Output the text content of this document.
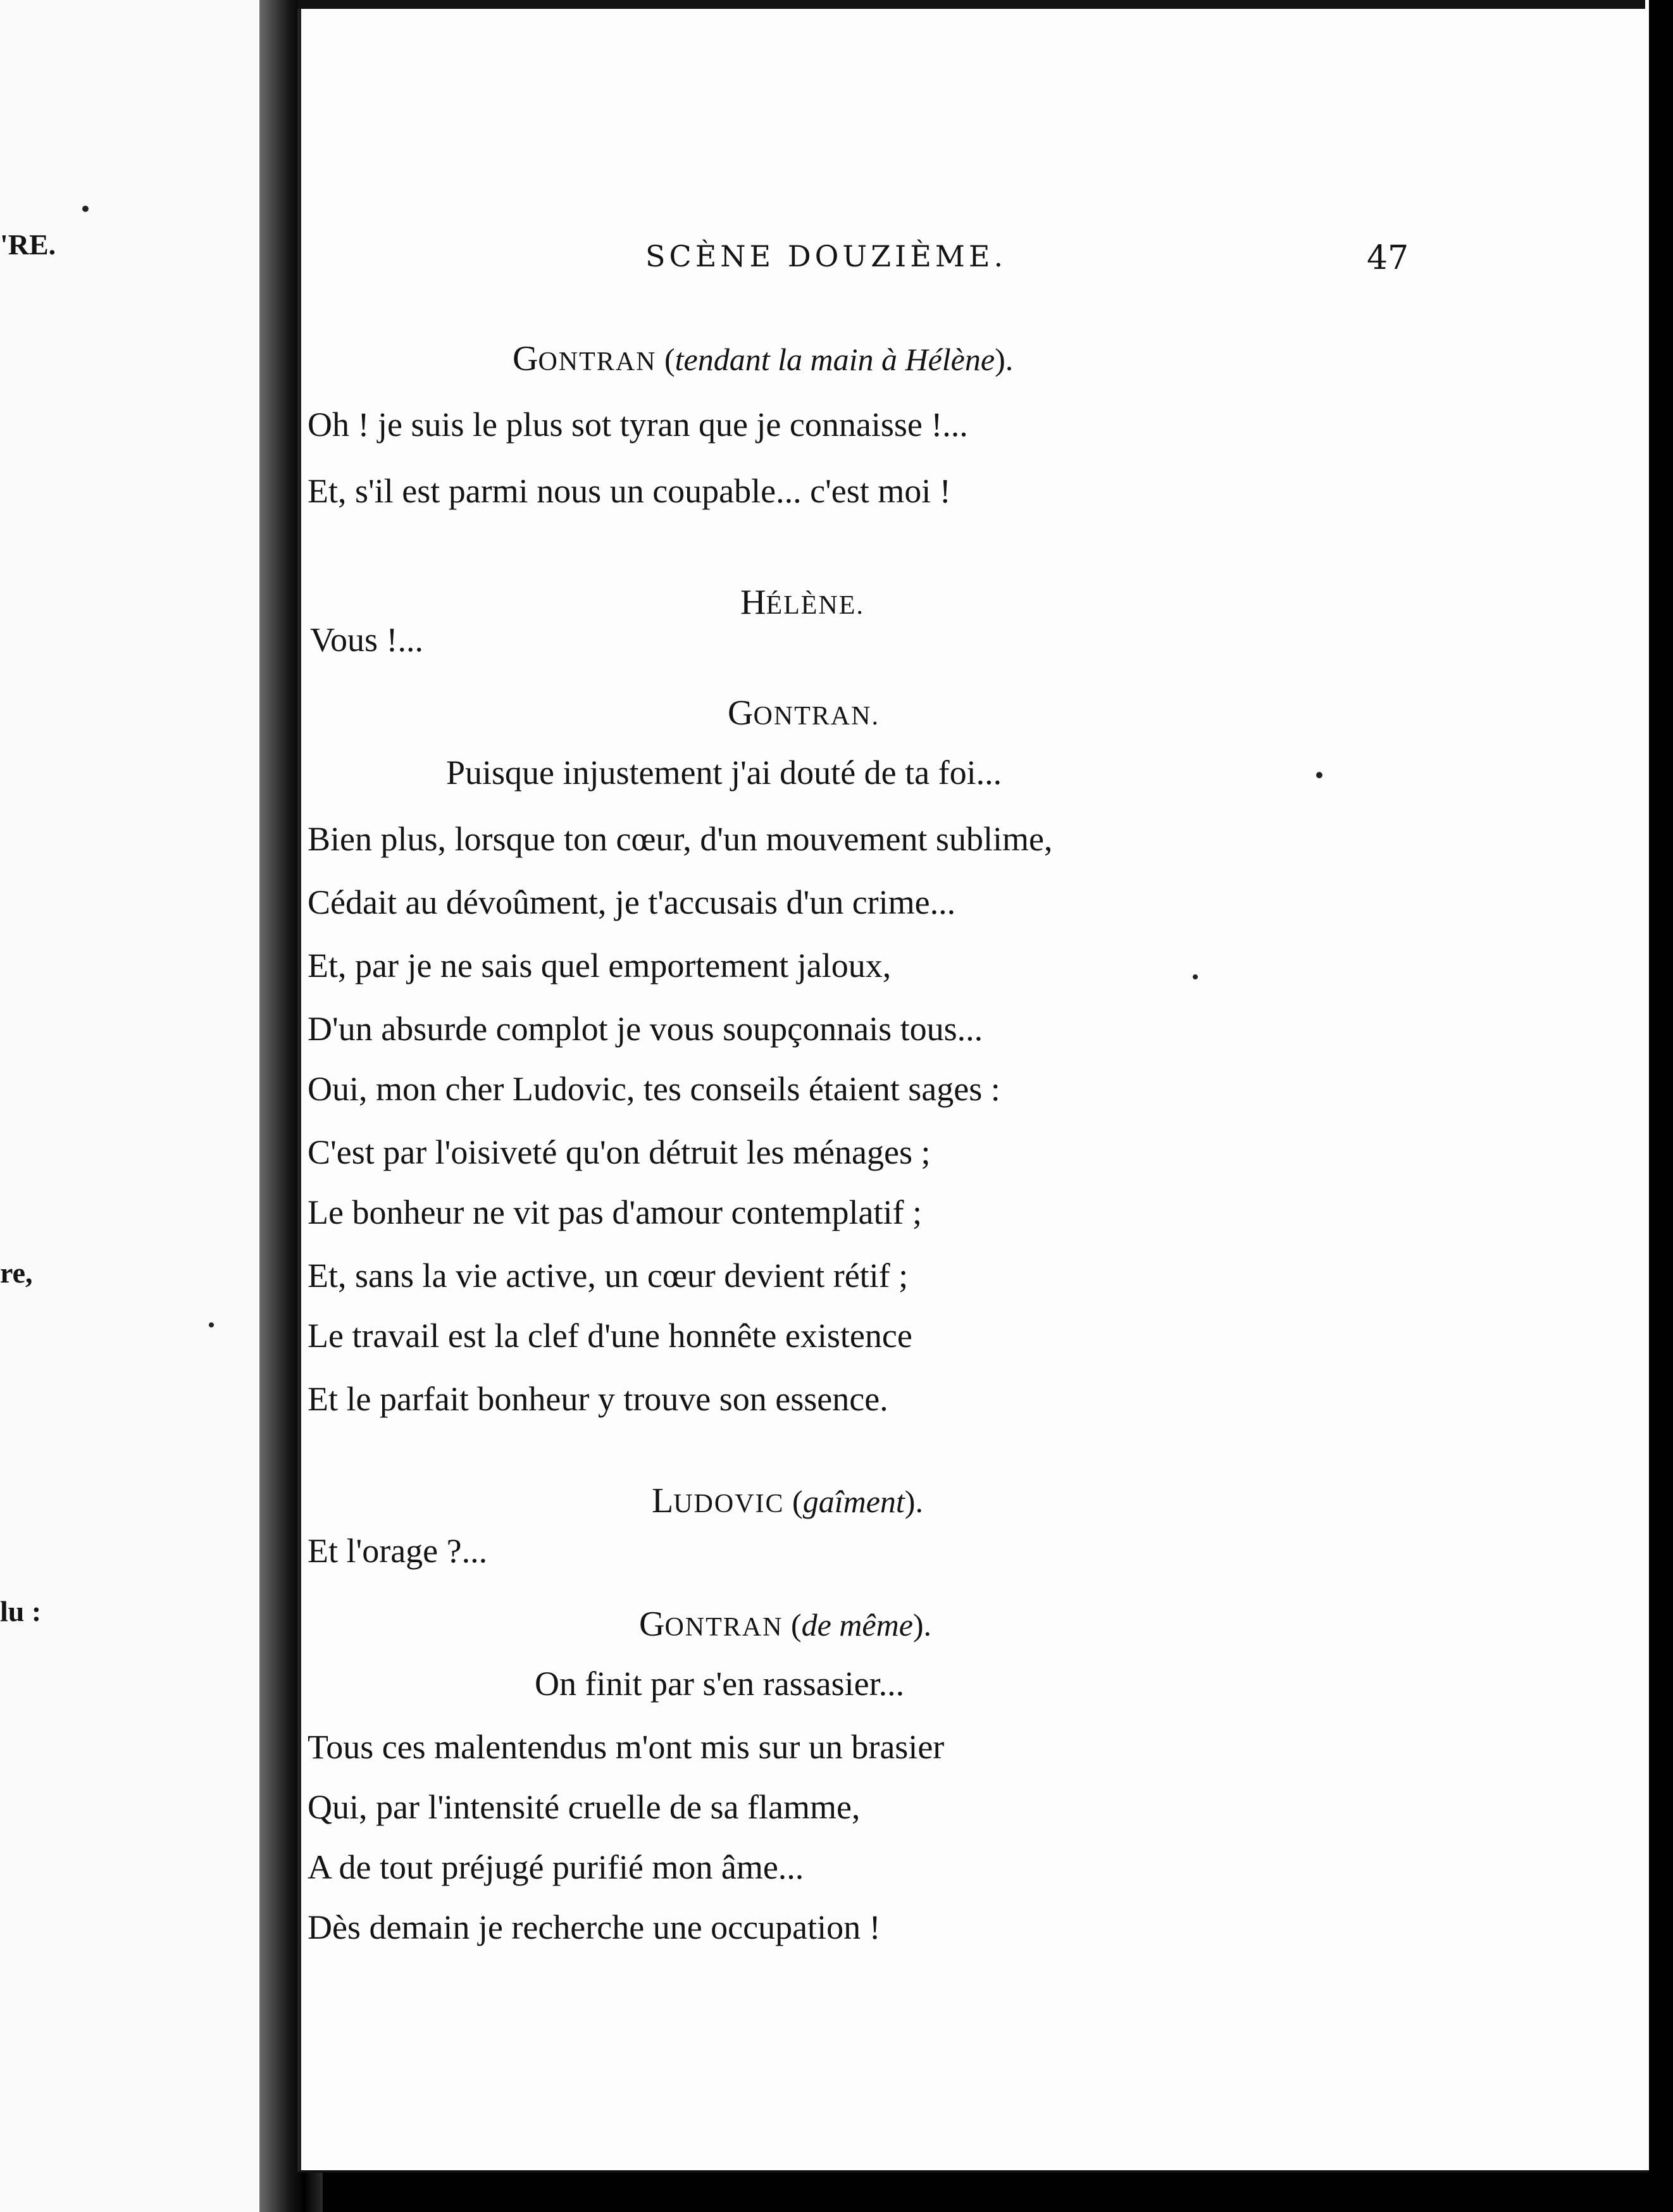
'RE.
re,
lu :
SCÈNE DOUZIÈME.	47
GONTRAN (tendant la main à Hélène).
Oh ! je suis le plus sot tyran que je connaisse !...
Et, s'il est parmi nous un coupable... c'est moi !
HÉLÈNE.
Vous !...
GONTRAN.
Puisque injustement j'ai douté de ta foi...
Bien plus, lorsque ton cœur, d'un mouvement sublime,
Cédait au dévoûment, je t'accusais d'un crime...
Et, par je ne sais quel emportement jaloux,
D'un absurde complot je vous soupçonnais tous...
Oui, mon cher Ludovic, tes conseils étaient sages :
C'est par l'oisiveté qu'on détruit les ménages ;
Le bonheur ne vit pas d'amour contemplatif ;
Et, sans la vie active, un cœur devient rétif ;
Le travail est la clef d'une honnête existence
Et le parfait bonheur y trouve son essence.
LUDOVIC (gaîment).
Et l'orage ?...
GONTRAN (de même).
On finit par s'en rassasier...
Tous ces malentendus m'ont mis sur un brasier
Qui, par l'intensité cruelle de sa flamme,
A de tout préjugé purifié mon âme...
Dès demain je recherche une occupation !
